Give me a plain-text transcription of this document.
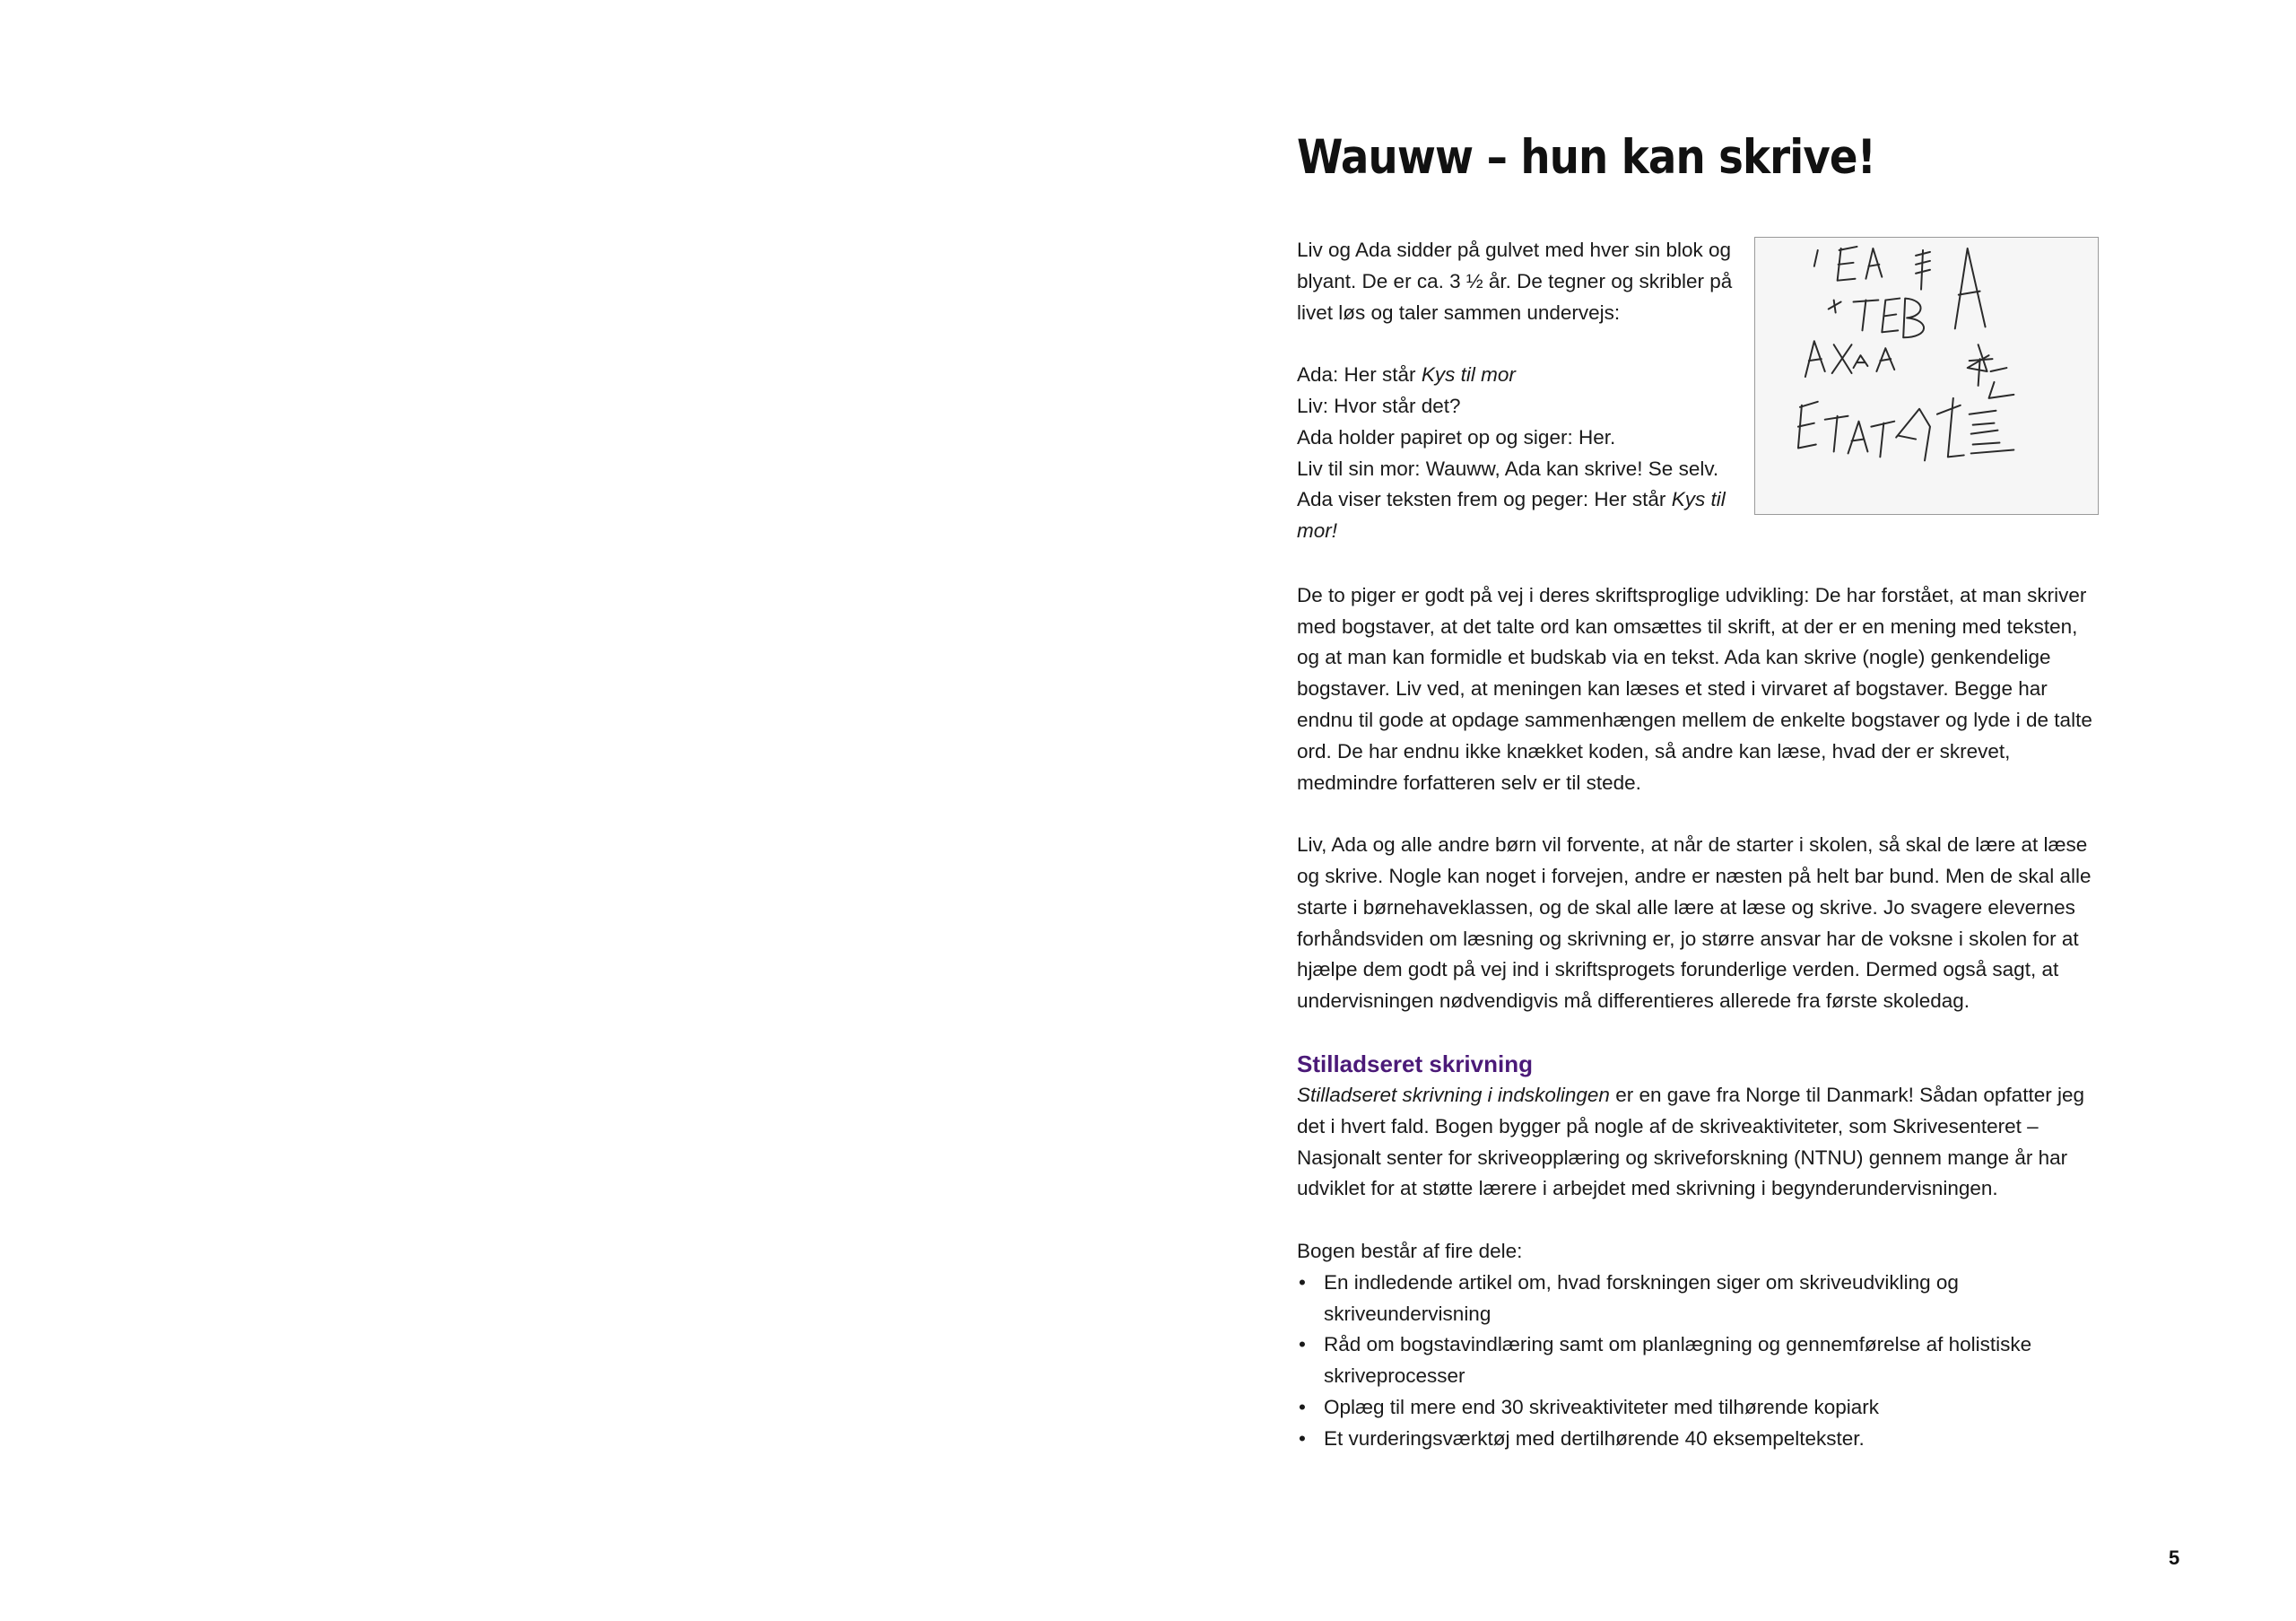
Wauww – hun kan skrive!

Liv og Ada sidder på gulvet med hver sin blok og blyant. De er ca. 3 ½ år. De tegner og skribler på livet løs og taler sammen undervejs:

Ada: Her står Kys til mor

Liv: Hvor står det?

Ada holder papiret op og siger: Her.

Liv til sin mor: Wauww, Ada kan skrive! Se selv.

Ada viser teksten frem og peger: Her står Kys til mor!

De to piger er godt på vej i deres skriftsproglige udvikling: De har forstået, at man skriver med bogstaver, at det talte ord kan omsættes til skrift, at der er en mening med teksten, og at man kan formidle et budskab via en tekst. Ada kan skrive (nogle) genkendelige bogstaver. Liv ved, at meningen kan læses et sted i virvaret af bogstaver. Begge har endnu til gode at opdage sammenhængen mellem de enkelte bogstaver og lyde i de talte ord. De har endnu ikke knækket koden, så andre kan læse, hvad der er skrevet, medmindre forfatteren selv er til stede.

Liv, Ada og alle andre børn vil forvente, at når de starter i skolen, så skal de lære at læse og skrive. Nogle kan noget i forvejen, andre er næsten på helt bar bund. Men de skal alle starte i børnehaveklassen, og de skal alle lære at læse og skrive. Jo svagere elevernes forhåndsviden om læsning og skrivning er, jo større ansvar har de voksne i skolen for at hjælpe dem godt på vej ind i skriftsprogets forunderlige verden. Dermed også sagt, at undervisningen nødvendigvis må differentieres allerede fra første skoledag.

Stilladseret skrivning

Stilladseret skrivning i indskolingen er en gave fra Norge til Danmark! Sådan opfatter jeg det i hvert fald. Bogen bygger på nogle af de skriveaktiviteter, som Skrivesenteret – Nasjonalt senter for skriveopplæring og skriveforskning (NTNU) gennem mange år har udviklet for at støtte lærere i arbejdet med skrivning i begynderundervisningen.

Bogen består af fire dele:

• En indledende artikel om, hvad forskningen siger om skriveudvikling og skriveundervisning
• Råd om bogstavindlæring samt om planlægning og gennemførelse af holistiske skriveprocesser
• Oplæg til mere end 30 skriveaktiviteter med tilhørende kopiark
• Et vurderingsværktøj med dertilhørende 40 eksempeltekster.
5
